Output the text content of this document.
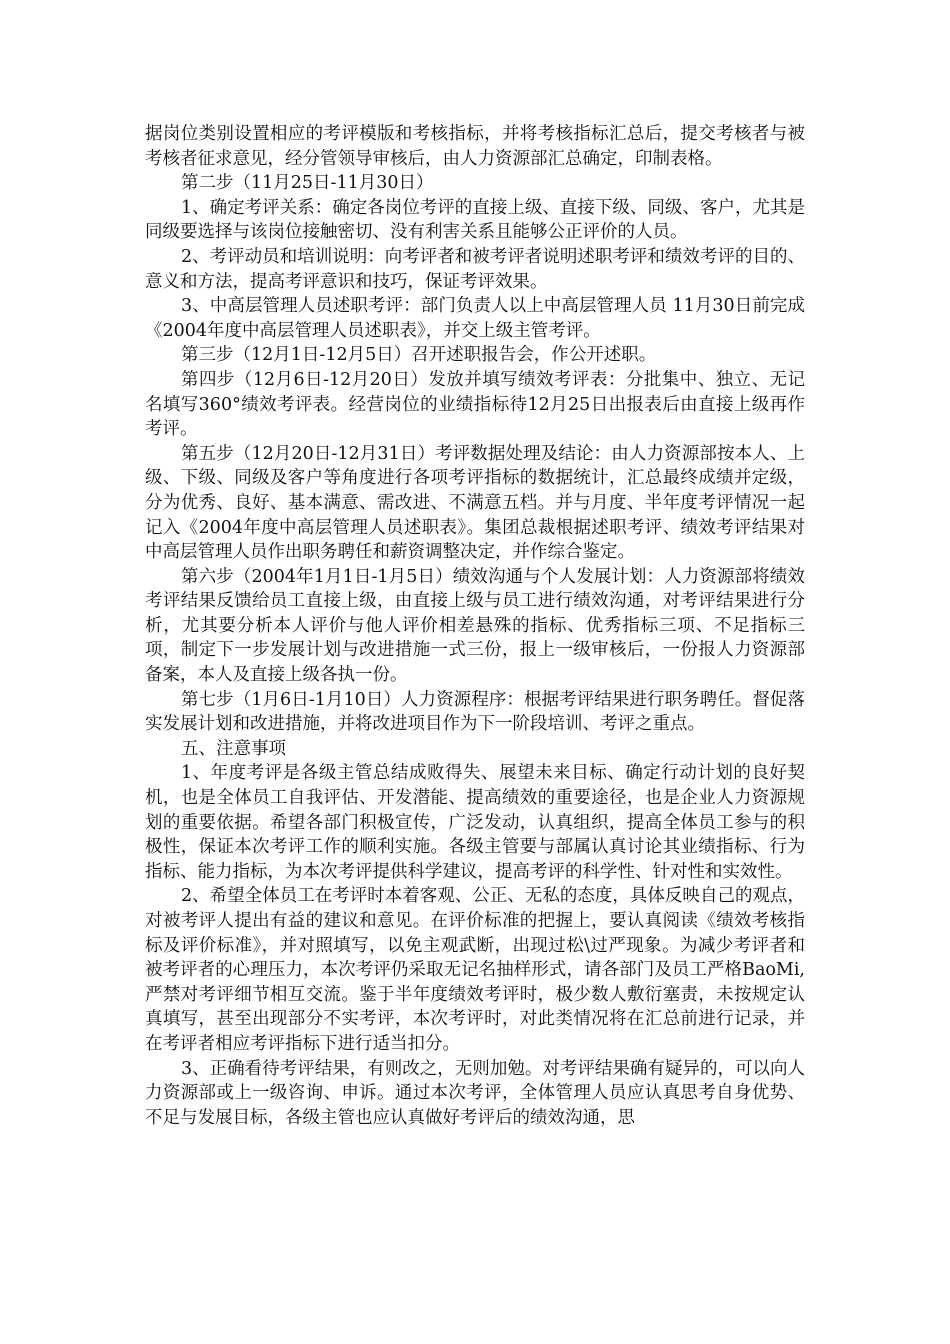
据岗位类别设置相应的考评模版和考核指标，并将考核指标汇总后，提交考核者与被考核者征求意见，经分管领导审核后，由人力资源部汇总确定，印制表格。

第二步（11月25日-11月30日）

1、确定考评关系：确定各岗位考评的直接上级、直接下级、同级、客户，尤其是同级要选择与该岗位接触密切、没有利害关系且能够公正评价的人员。

2、考评动员和培训说明：向考评者和被考评者说明述职考评和绩效考评的目的、意义和方法，提高考评意识和技巧，保证考评效果。

3、中高层管理人员述职考评：部门负责人以上中高层管理人员 11月30日前完成《2004年度中高层管理人员述职表》，并交上级主管考评。

第三步（12月1日-12月5日）召开述职报告会，作公开述职。

第四步（12月6日-12月20日）发放并填写绩效考评表：分批集中、独立、无记名填写360°绩效考评表。经营岗位的业绩指标待12月25日出报表后由直接上级再作考评。

第五步（12月20日-12月31日）考评数据处理及结论：由人力资源部按本人、上级、下级、同级及客户等角度进行各项考评指标的数据统计，汇总最终成绩并定级，分为优秀、良好、基本满意、需改进、不满意五档。并与月度、半年度考评情况一起记入《2004年度中高层管理人员述职表》。集团总裁根据述职考评、绩效考评结果对中高层管理人员作出职务聘任和薪资调整决定，并作综合鉴定。

第六步（2004年1月1日-1月5日）绩效沟通与个人发展计划：人力资源部将绩效考评结果反馈给员工直接上级，由直接上级与员工进行绩效沟通，对考评结果进行分析，尤其要分析本人评价与他人评价相差悬殊的指标、优秀指标三项、不足指标三项，制定下一步发展计划与改进措施一式三份，报上一级审核后，一份报人力资源部备案，本人及直接上级各执一份。

第七步（1月6日-1月10日）人力资源程序：根据考评结果进行职务聘任。督促落实发展计划和改进措施，并将改进项目作为下一阶段培训、考评之重点。

五、注意事项

1、年度考评是各级主管总结成败得失、展望未来目标、确定行动计划的良好契机，也是全体员工自我评估、开发潜能、提高绩效的重要途径，也是企业人力资源规划的重要依据。希望各部门积极宣传，广泛发动，认真组织，提高全体员工参与的积极性，保证本次考评工作的顺利实施。各级主管要与部属认真讨论其业绩指标、行为指标、能力指标，为本次考评提供科学建议，提高考评的科学性、针对性和实效性。

2、希望全体员工在考评时本着客观、公正、无私的态度，具体反映自己的观点，对被考评人提出有益的建议和意见。在评价标准的把握上，要认真阅读《绩效考核指标及评价标准》，并对照填写，以免主观武断，出现过松\过严现象。为减少考评者和被考评者的心理压力，本次考评仍采取无记名抽样形式，请各部门及员工严格BaoMi,严禁对考评细节相互交流。鉴于半年度绩效考评时，极少数人敷衍塞责，未按规定认真填写，甚至出现部分不实考评，本次考评时，对此类情况将在汇总前进行记录，并在考评者相应考评指标下进行适当扣分。

3、正确看待考评结果，有则改之，无则加勉。对考评结果确有疑异的，可以向人力资源部或上一级咨询、申诉。通过本次考评，全体管理人员应认真思考自身优势、不足与发展目标，各级主管也应认真做好考评后的绩效沟通，思
